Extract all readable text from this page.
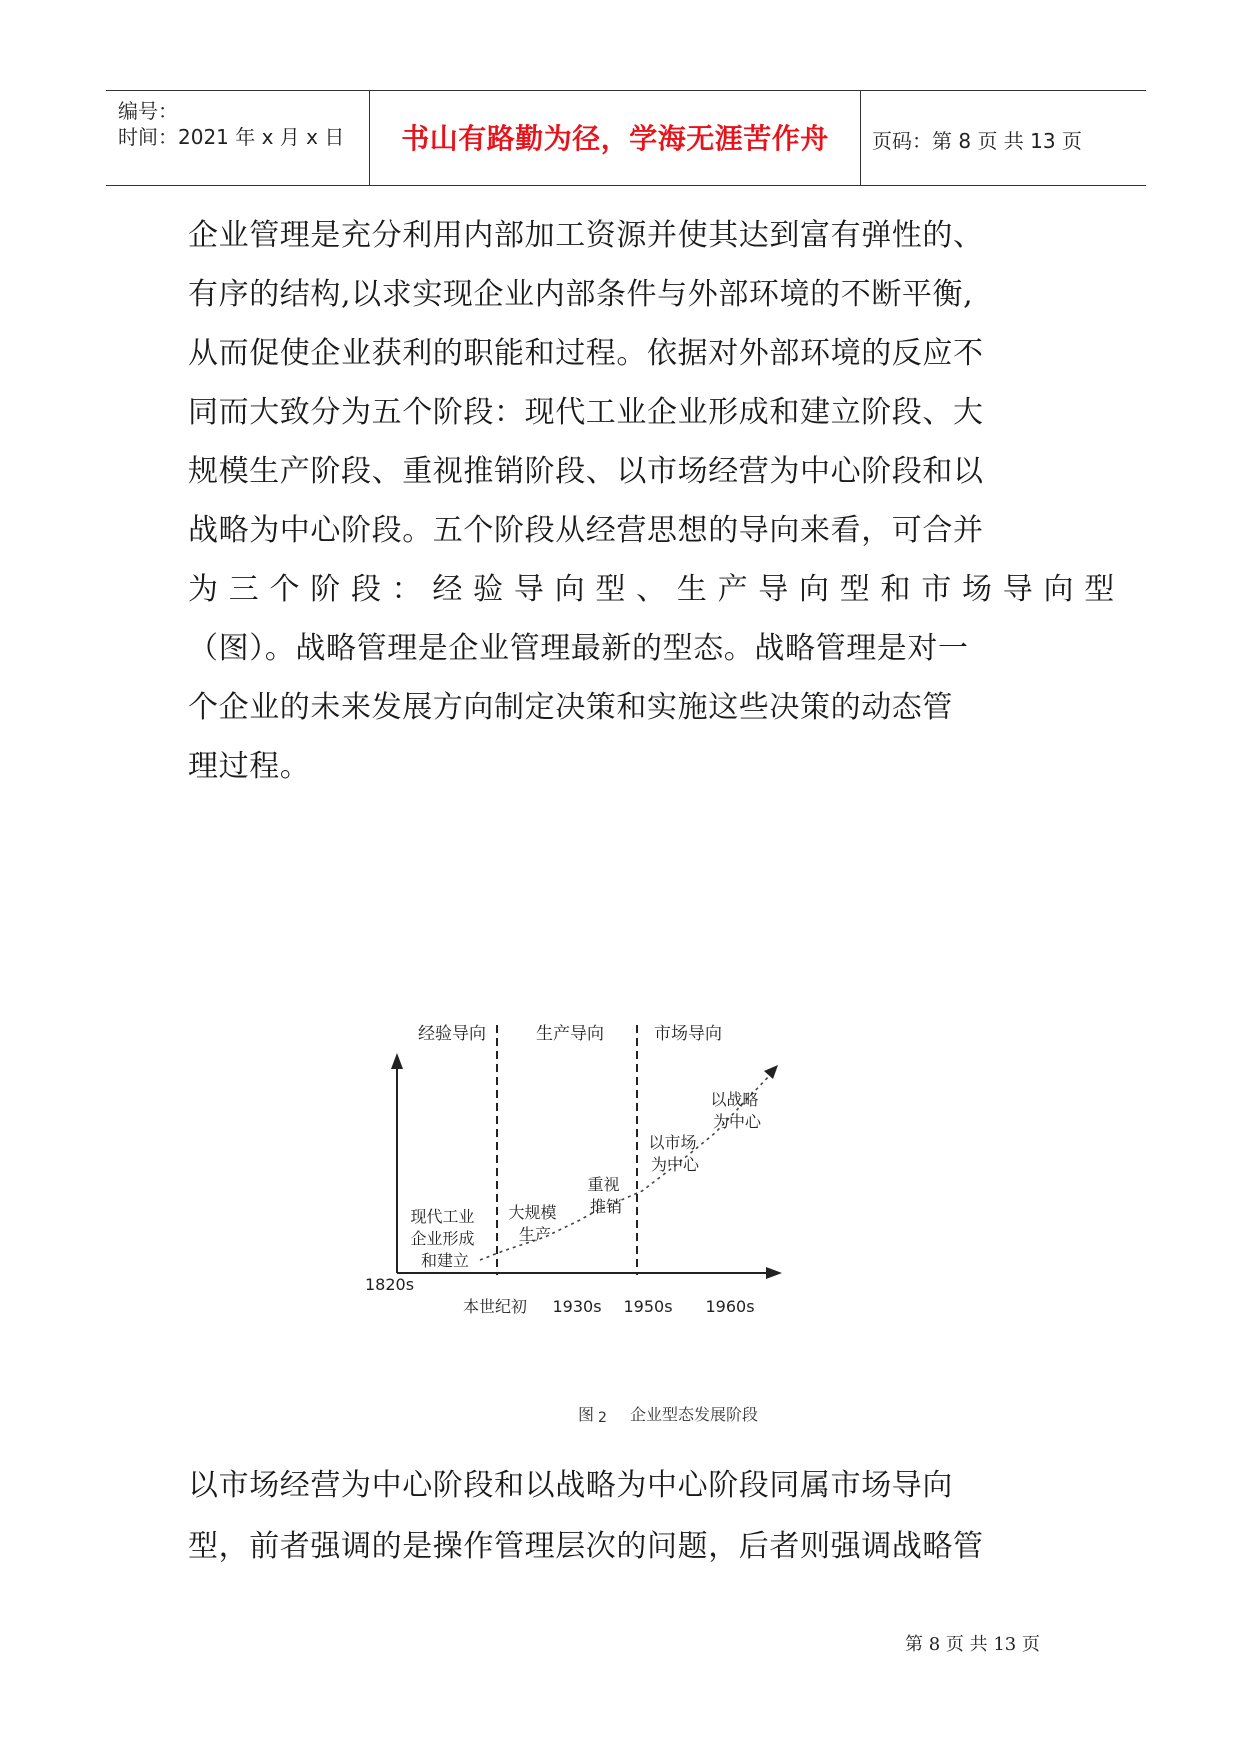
编号：
时间：2021 年 x 月 x 日	书山有路勤为径，学海无涯苦作舟	页码：第 8 页 共 13 页
企业管理是充分利用内部加工资源并使其达到富有弹性的、
有序的结构,以求实现企业内部条件与外部环境的不断平衡,
从而促使企业获利的职能和过程。依据对外部环境的反应不
同而大致分为五个阶段：现代工业企业形成和建立阶段、大
规模生产阶段、重视推销阶段、以市场经营为中心阶段和以
战略为中心阶段。五个阶段从经营思想的导向来看，可合并
为 三 个 阶 段 ： 经 验 导 向 型 、 生 产 导 向 型 和 市 场 导 向 型
（图）。战略管理是企业管理最新的型态。战略管理是对一
个企业的未来发展方向制定决策和实施这些决策的动态管
理过程。
经验导向	生产导向	市场导向
现代工业 企业形成 和建立
大规模 生产
重视 推销
以市场 为中心
以战略 为中心
1820s
本世纪初 1930s 1950s 1960s
图 2 企业型态发展阶段
以市场经营为中心阶段和以战略为中心阶段同属市场导向
型，前者强调的是操作管理层次的问题，后者则强调战略管
第 8 页 共 13 页
